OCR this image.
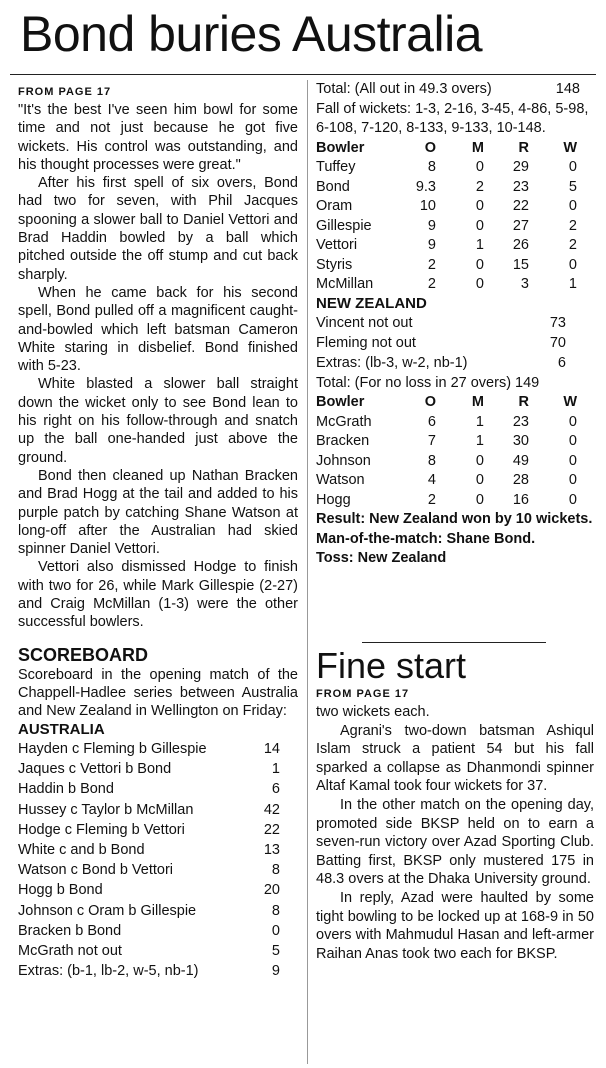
Bond buries Australia
FROM PAGE 17

"It's the best I've seen him bowl for some time and not just because he got five wickets. His control was outstanding, and his thought processes were great."

After his first spell of six overs, Bond had two for seven, with Phil Jacques spooning a slower ball to Daniel Vettori and Brad Haddin bowled by a ball which pitched outside the off stump and cut back sharply.

When he came back for his second spell, Bond pulled off a magnificent caught-and-bowled which left batsman Cameron White staring in disbelief. Bond finished with 5-23.

White blasted a slower ball straight down the wicket only to see Bond lean to his right on his follow-through and snatch up the ball one-handed just above the ground.

Bond then cleaned up Nathan Bracken and Brad Hogg at the tail and added to his purple patch by catching Shane Watson at long-off after the Australian had skied spinner Daniel Vettori.

Vettori also dismissed Hodge to finish with two for 26, while Mark Gillespie (2-27) and Craig McMillan (1-3) were the other successful bowlers.

SCOREBOARD

Scoreboard in the opening match of the Chappell-Hadlee series between Australia and New Zealand in Wellington on Friday:

AUSTRALIA
Hayden c Fleming b Gillespie	14
Jaques c Vettori b Bond	1
Haddin b Bond	6
Hussey c Taylor b McMillan	42
Hodge c Fleming b Vettori	22
White c and b Bond	13
Watson c Bond b Vettori	8
Hogg b Bond	20
Johnson c Oram b Gillespie	8
Bracken b Bond	0
McGrath not out	5
Extras: (b-1, lb-2, w-5, nb-1)	9
Total: (All out in 49.3 overs)	148
Fall of wickets: 1-3, 2-16, 3-45, 4-86, 5-98, 6-108, 7-120, 8-133, 9-133, 10-148.
Bowler	O	M	R	W
Tuffey	8	0	29	0
Bond	9.3	2	23	5
Oram	10	0	22	0
Gillespie	9	0	27	2
Vettori	9	1	26	2
Styris	2	0	15	0
McMillan	2	0	3	1
NEW ZEALAND
Vincent not out	73
Fleming not out	70
Extras: (lb-3, w-2, nb-1)	6
Total: (For no loss in 27 overs) 149
Bowler	O	M	R	W
McGrath	6	1	23	0
Bracken	7	1	30	0
Johnson	8	0	49	0
Watson	4	0	28	0
Hogg	2	0	16	0
Result: New Zealand won by 10 wickets.
Man-of-the-match: Shane Bond.
Toss: New Zealand
Fine start
FROM PAGE 17

two wickets each.

Agrani's two-down batsman Ashiqul Islam struck a patient 54 but his fall sparked a collapse as Dhanmondi spinner Altaf Kamal took four wickets for 37.

In the other match on the opening day, promoted side BKSP held on to earn a seven-run victory over Azad Sporting Club. Batting first, BKSP only mustered 175 in 48.3 overs at the Dhaka University ground.

In reply, Azad were haulted by some tight bowling to be locked up at 168-9 in 50 overs with Mahmudul Hasan and left-armer Raihan Anas took two each for BKSP.
